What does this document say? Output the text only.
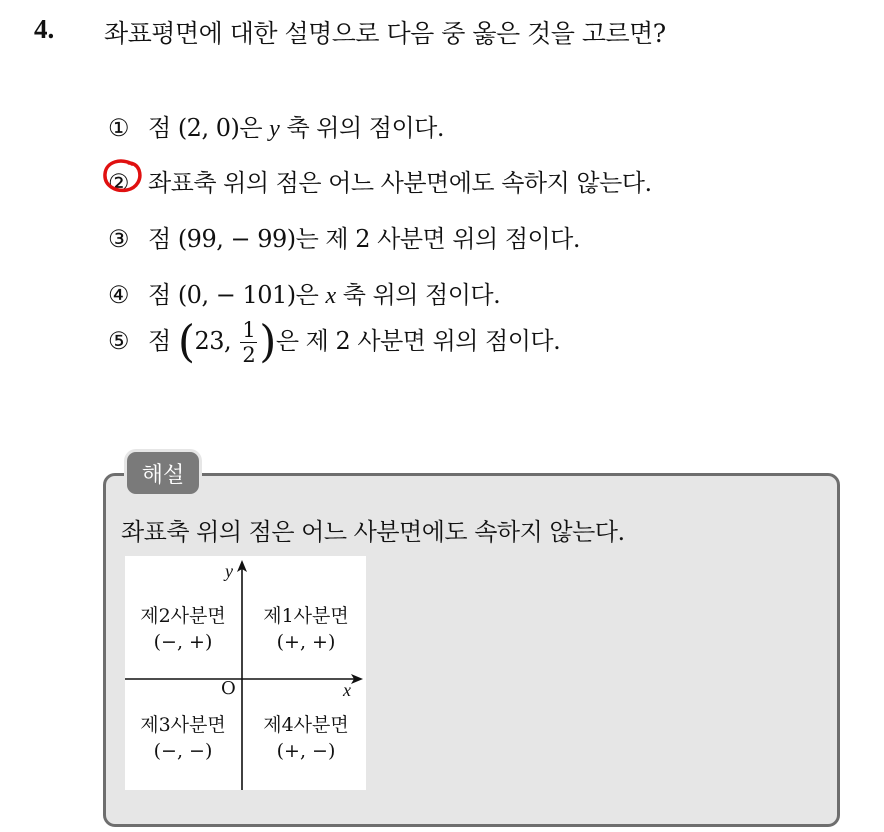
4. 좌표평면에 대한 설명으로 다음 중 옳은 것을 고르면?
① 점 (2, 0)은 y 축 위의 점이다.
② 좌표축 위의 점은 어느 사분면에도 속하지 않는다.
③ 점 (99, − 99)는 제 2 사분면 위의 점이다.
④ 점 (0, − 101)은 x 축 위의 점이다.
⑤ 점 (23, $\frac{1}{2}$ )은 제 2 사분면 위의 점이다.
해설
좌표축 위의 점은 어느 사분면에도 속하지 않는다.
y
x
O
제2사분면
(−, +)
제1사분면
(+, +)
제3사분면
(−, −)
제4사분면
(+, −)
